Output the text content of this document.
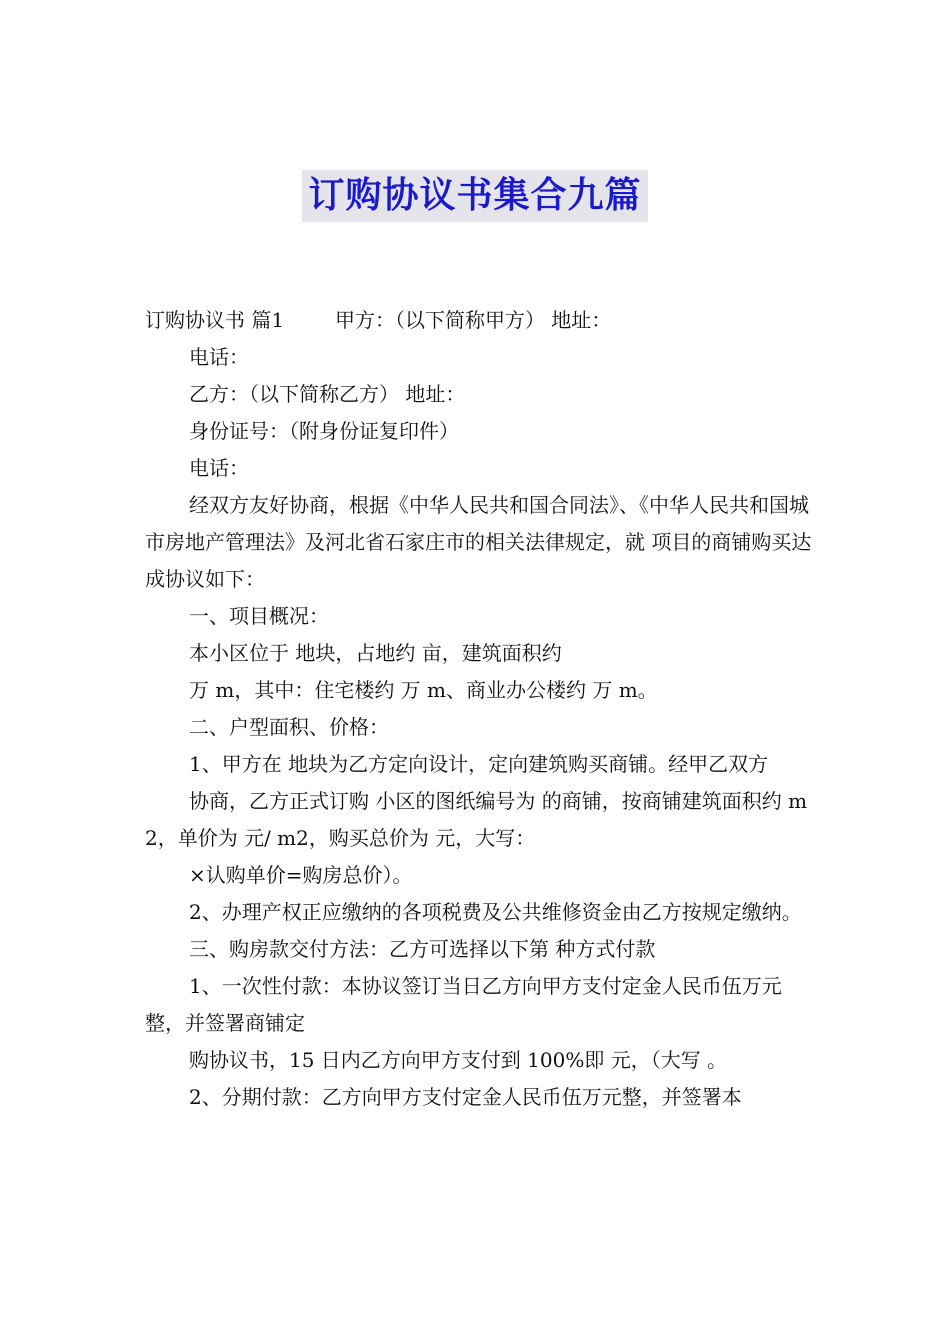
订购协议书集合九篇

订购协议书 篇1        甲方：（以下简称甲方） 地址：

电话：

乙方：（以下简称乙方） 地址：

身份证号：（附身份证复印件）

电话：

经双方友好协商，根据《中华人民共和国合同法》、《中华人民共和国城市房地产管理法》及河北省石家庄市的相关法律规定，就 项目的商铺购买达成协议如下：

一、项目概况：

本小区位于 地块，占地约 亩，建筑面积约

万 m，其中：住宅楼约 万 m、商业办公楼约 万 m。

二、户型面积、价格：

1、甲方在 地块为乙方定向设计，定向建筑购买商铺。经甲乙双方

协商，乙方正式订购 小区的图纸编号为 的商铺，按商铺建筑面积约 m2，单价为 元/ m2，购买总价为 元，大写：

×认购单价=购房总价）。

2、办理产权正应缴纳的各项税费及公共维修资金由乙方按规定缴纳。

三、购房款交付方法：乙方可选择以下第 种方式付款

1、一次性付款：本协议签订当日乙方向甲方支付定金人民币伍万元整，并签署商铺定

购协议书，15 日内乙方向甲方支付到 100%即 元，（大写 。

2、分期付款：乙方向甲方支付定金人民币伍万元整，并签署本
